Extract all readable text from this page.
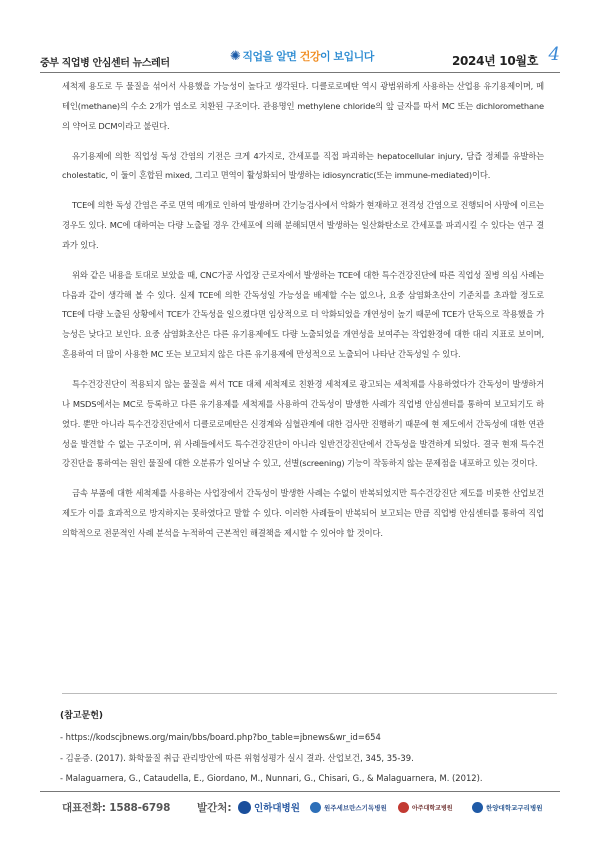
중부 직업병 안심센터 뉴스레터	✺ 직업을 알면 건강이 보입니다	2024년 10월호 4

세척제 용도로 두 물질을 섞어서 사용했을 가능성이 높다고 생각된다. 디클로로메탄 역시 광범위하게 사용하는 산업용 유기용제이며, 메테인(methane)의 수소 2개가 염소로 치환된 구조이다. 관용명인 methylene chloride의 앞 글자를 따서 MC 또는 dichloromethane의 약어로 DCM이라고 불린다.

유기용제에 의한 직업성 독성 간염의 기전은 크게 4가지로, 간세포를 직접 파괴하는 hepatocellular injury, 담즙 정체를 유발하는 cholestatic, 이 둘이 혼합된 mixed, 그리고 면역이 활성화되어 발생하는 idiosyncratic(또는 immune-mediated)이다.

TCE에 의한 독성 간염은 주로 면역 매개로 인하여 발생하며 간기능검사에서 악화가 현재하고 전격성 간염으로 진행되어 사망에 이르는 경우도 있다. MC에 대하여는 다량 노출될 경우 간세포에 의해 분해되면서 발생하는 일산화탄소로 간세포를 파괴시킬 수 있다는 연구 결과가 있다.

위와 같은 내용을 토대로 보았을 때, CNC가공 사업장 근로자에서 발생하는 TCE에 대한 특수건강진단에 따른 직업성 질병 의심 사례는 다음과 같이 생각해 볼 수 있다. 실제 TCE에 의한 간독성일 가능성을 배제할 수는 없으나, 요중 삼염화초산이 기준치를 초과할 정도로 TCE에 다량 노출된 상황에서 TCE가 간독성을 일으켰다면 임상적으로 더 악화되었을 개연성이 높기 때문에 TCE가 단독으로 작용했을 가능성은 낮다고 보인다. 요중 삼염화초산은 다른 유기용제에도 다량 노출되었을 개연성을 보여주는 작업환경에 대한 대리 지표로 보이며, 혼용하여 더 많이 사용한 MC 또는 보고되지 않은 다른 유기용제에 만성적으로 노출되어 나타난 간독성일 수 있다.

특수건강진단이 적용되지 않는 물질을 써서 TCE 대체 세척제로 친환경 세척제로 광고되는 세척제를 사용하였다가 간독성이 발생하거나 MSDS에서는 MC로 등록하고 다른 유기용제를 세척제를 사용하여 간독성이 발생한 사례가 직업병 안심센터를 통하여 보고되기도 하였다. 뿐만 아니라 특수건강진단에서 디클로로메탄은 신경계와 심혈관계에 대한 검사만 진행하기 때문에 현 제도에서 간독성에 대한 연관성을 발견할 수 없는 구조이며, 위 사례들에서도 특수건강진단이 아니라 일반건강진단에서 간독성을 발견하게 되었다. 결국 현재 특수건강진단을 통하여는 원인 물질에 대한 오분류가 일어날 수 있고, 선별(screening) 기능이 작동하지 않는 문제점을 내포하고 있는 것이다.

금속 부품에 대한 세척제를 사용하는 사업장에서 간독성이 발생한 사례는 수없이 반복되었지만 특수건강진단 제도를 비롯한 산업보건 제도가 이를 효과적으로 방지하지는 못하였다고 말할 수 있다. 이러한 사례들이 반복되어 보고되는 만큼 직업병 안심센터를 통하여 직업의학적으로 전문적인 사례 분석을 누적하여 근본적인 해결책을 제시할 수 있어야 할 것이다.

(참고문헌)
- https://kodscjbnews.org/main/bbs/board.php?bo_table=jbnews&wr_id=654
- 김윤증. (2017). 화학물질 취급 관리방안에 따른 위험성평가 실시 결과. 산업보건, 345, 35-39.
- Malaguarnera, G., Cataudella, E., Giordano, M., Nunnari, G., Chisari, G., & Malaguarnera, M. (2012).
대표전화: 1588-6798	발간처: 인하대병원	원주세브란스기독병원	아주대학교병원	한양대학교구리병원
